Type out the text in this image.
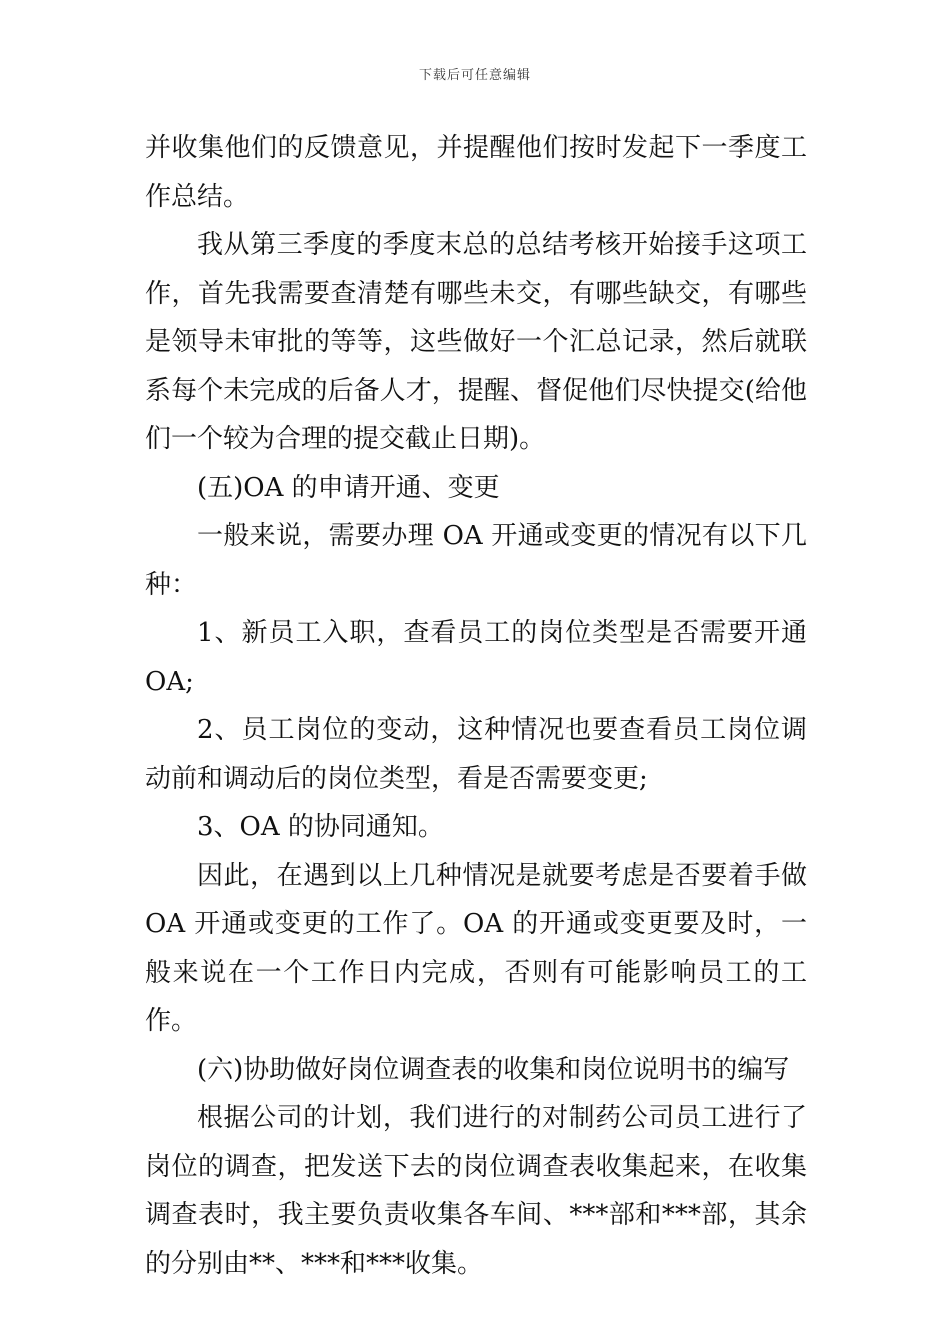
下载后可任意编辑

并收集他们的反馈意见，并提醒他们按时发起下一季度工作总结。

我从第三季度的季度末总的总结考核开始接手这项工作，首先我需要查清楚有哪些未交，有哪些缺交，有哪些是领导未审批的等等，这些做好一个汇总记录，然后就联系每个未完成的后备人才，提醒、督促他们尽快提交(给他们一个较为合理的提交截止日期)。

(五)OA 的申请开通、变更

一般来说，需要办理 OA 开通或变更的情况有以下几种：

1、新员工入职，查看员工的岗位类型是否需要开通OA;

2、员工岗位的变动，这种情况也要查看员工岗位调动前和调动后的岗位类型，看是否需要变更;

3、OA 的协同通知。

因此，在遇到以上几种情况是就要考虑是否要着手做OA 开通或变更的工作了。OA 的开通或变更要及时，一般来说在一个工作日内完成，否则有可能影响员工的工作。

(六)协助做好岗位调查表的收集和岗位说明书的编写

根据公司的计划，我们进行的对制药公司员工进行了岗位的调查，把发送下去的岗位调查表收集起来，在收集调查表时，我主要负责收集各车间、***部和***部，其余的分别由**、***和***收集。
